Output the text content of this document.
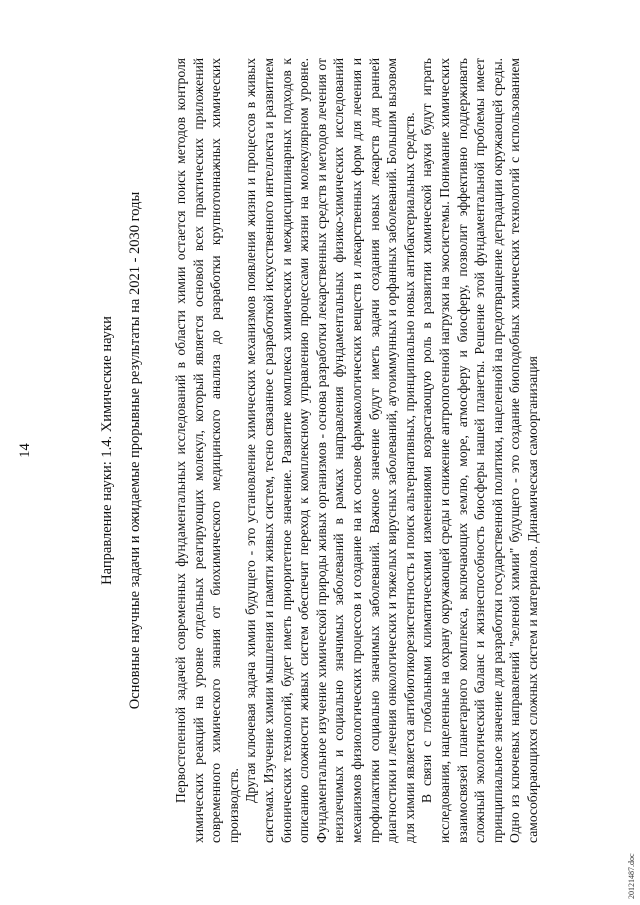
14	Направление науки: 1.4. Химические науки Основные научные задачи и ожидаемые прорывные результаты на 2021 - 2030 годы Первостепенной задачей современных фундаментальных исследований в области химии остается поиск методов контроля химических реакций на уровне отдельных реагирующих молекул, который является основой всех практических приложений современного химического знания от биохимического медицинского анализа до разработки крупнотоннажных химических производств.

Другая ключевая задача химии будущего - это установление химических механизмов появления жизни и процессов в живых системах. Изучение химии мышления и памяти живых систем, тесно связанное с разработкой искусственного интеллекта и развитием бионических технологий, будет иметь приоритетное значение. Развитие комплекса химических и междисциплинарных подходов к описанию сложности живых систем обеспечит переход к комплексному управлению процессами жизни на молекулярном уровне. Фундаментальное изучение химической природы живых организмов - основа разработки лекарственных средств и методов лечения от неизлечимых и социально значимых заболеваний в рамках направления фундаментальных физико-химических исследований механизмов физиологических процессов и создание на их основе фармакологических веществ и лекарственных форм для лечения и профилактики социально значимых заболеваний. Важное значение будут иметь задачи создания новых лекарств для ранней диагностики и лечения онкологических и тяжелых вирусных заболеваний, аутоиммунных и орфанных заболеваний. Большим вызовом для химии является антибиотикорезистентность и поиск альтернативных, принципиально новых антибактериальных средств. В связи с глобальными климатическими изменениями возрастающую роль в развитии химической науки будут играть исследования, нацеленные на охрану окружающей среды и снижение антропогенной нагрузки на экосистемы. Понимание химических взаимосвязей планетарного комплекса, включающих землю, море, атмосферу и биосферу, позволит эффективно поддерживать сложный экологический баланс и жизнеспособность биосферы нашей планеты. Решение этой фундаментальной проблемы имеет принципиальное значение для разработки государственной политики, нацеленной на предотвращение деградации окружающей среды. Одно из ключевых направлений "зеленой химии" будущего - это создание биоподобных химических технологий с использованием самособирающихся сложных систем и материалов. Динамическая самоорганизация

20121487.doc
